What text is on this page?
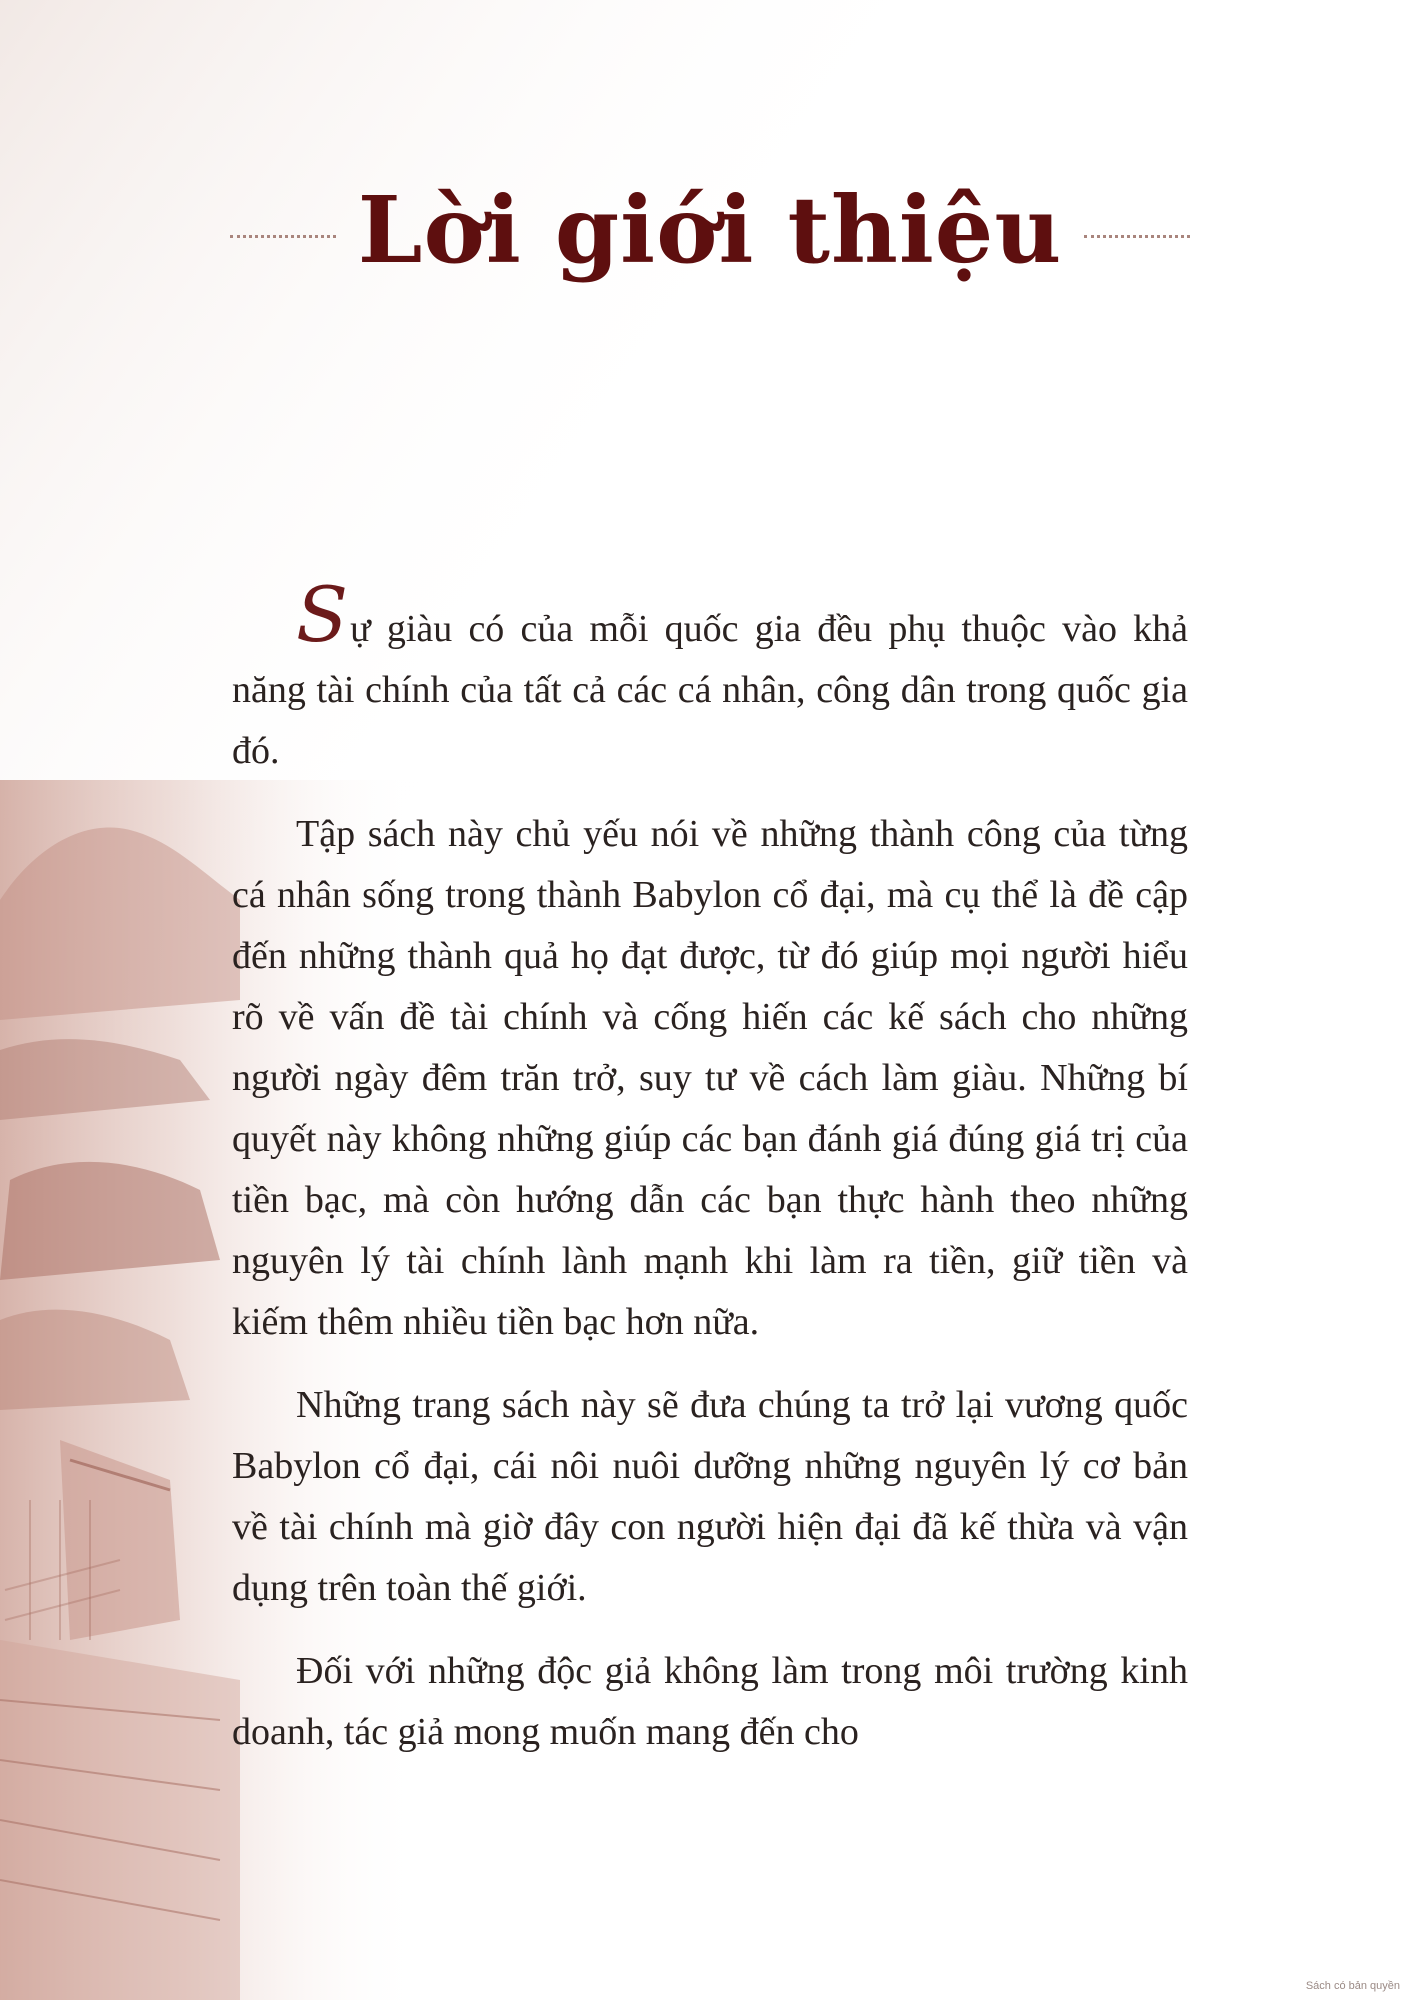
Lời giới thiệu

Sự giàu có của mỗi quốc gia đều phụ thuộc vào khả năng tài chính của tất cả các cá nhân, công dân trong quốc gia đó.

Tập sách này chủ yếu nói về những thành công của từng cá nhân sống trong thành Babylon cổ đại, mà cụ thể là đề cập đến những thành quả họ đạt được, từ đó giúp mọi người hiểu rõ về vấn đề tài chính và cống hiến các kế sách cho những người ngày đêm trăn trở, suy tư về cách làm giàu. Những bí quyết này không những giúp các bạn đánh giá đúng giá trị của tiền bạc, mà còn hướng dẫn các bạn thực hành theo những nguyên lý tài chính lành mạnh khi làm ra tiền, giữ tiền và kiếm thêm nhiều tiền bạc hơn nữa.

Những trang sách này sẽ đưa chúng ta trở lại vương quốc Babylon cổ đại, cái nôi nuôi dưỡng những nguyên lý cơ bản về tài chính mà giờ đây con người hiện đại đã kế thừa và vận dụng trên toàn thế giới.

Đối với những độc giả không làm trong môi trường kinh doanh, tác giả mong muốn mang đến cho

Sách có bản quyền
